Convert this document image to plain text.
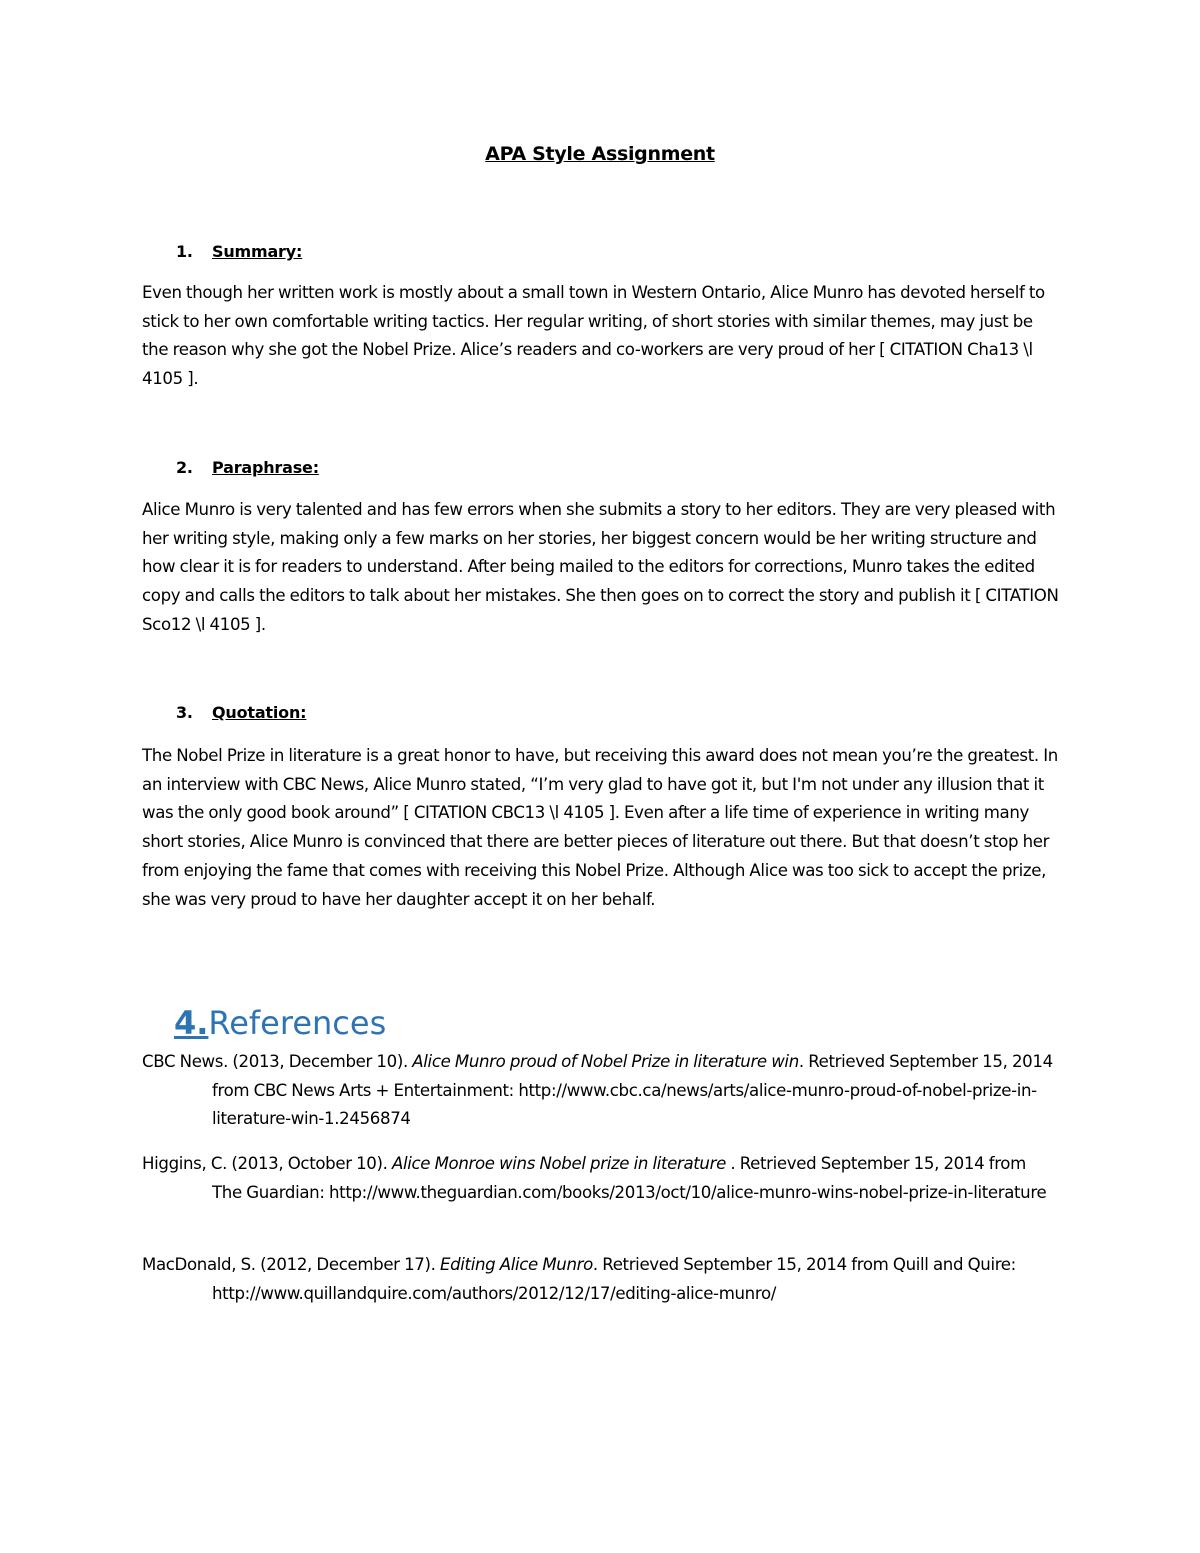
APA Style Assignment
1. Summary:
Even though her written work is mostly about a small town in Western Ontario, Alice Munro has devoted herself to stick to her own comfortable writing tactics. Her regular writing, of short stories with similar themes, may just be the reason why she got the Nobel Prize. Alice’s readers and co-workers are very proud of her [ CITATION Cha13 \l 4105 ].
2. Paraphrase:
Alice Munro is very talented and has few errors when she submits a story to her editors. They are very pleased with her writing style, making only a few marks on her stories, her biggest concern would be her writing structure and how clear it is for readers to understand. After being mailed to the editors for corrections, Munro takes the edited copy and calls the editors to talk about her mistakes. She then goes on to correct the story and publish it [ CITATION Sco12 \l 4105 ].
3. Quotation:
The Nobel Prize in literature is a great honor to have, but receiving this award does not mean you’re the greatest. In an interview with CBC News, Alice Munro stated, “I’m very glad to have got it, but I'm not under any illusion that it was the only good book around” [ CITATION CBC13 \l 4105 ]. Even after a life time of experience in writing many short stories, Alice Munro is convinced that there are better pieces of literature out there. But that doesn’t stop her from enjoying the fame that comes with receiving this Nobel Prize. Although Alice was too sick to accept the prize, she was very proud to have her daughter accept it on her behalf.
4.References
CBC News. (2013, December 10). Alice Munro proud of Nobel Prize in literature win. Retrieved September 15, 2014 from CBC News Arts + Entertainment: http://www.cbc.ca/news/arts/alice-munro-proud-of-nobel-prize-in-literature-win-1.2456874
Higgins, C. (2013, October 10). Alice Monroe wins Nobel prize in literature . Retrieved September 15, 2014 from The Guardian: http://www.theguardian.com/books/2013/oct/10/alice-munro-wins-nobel-prize-in-literature
MacDonald, S. (2012, December 17). Editing Alice Munro. Retrieved September 15, 2014 from Quill and Quire: http://www.quillandquire.com/authors/2012/12/17/editing-alice-munro/
